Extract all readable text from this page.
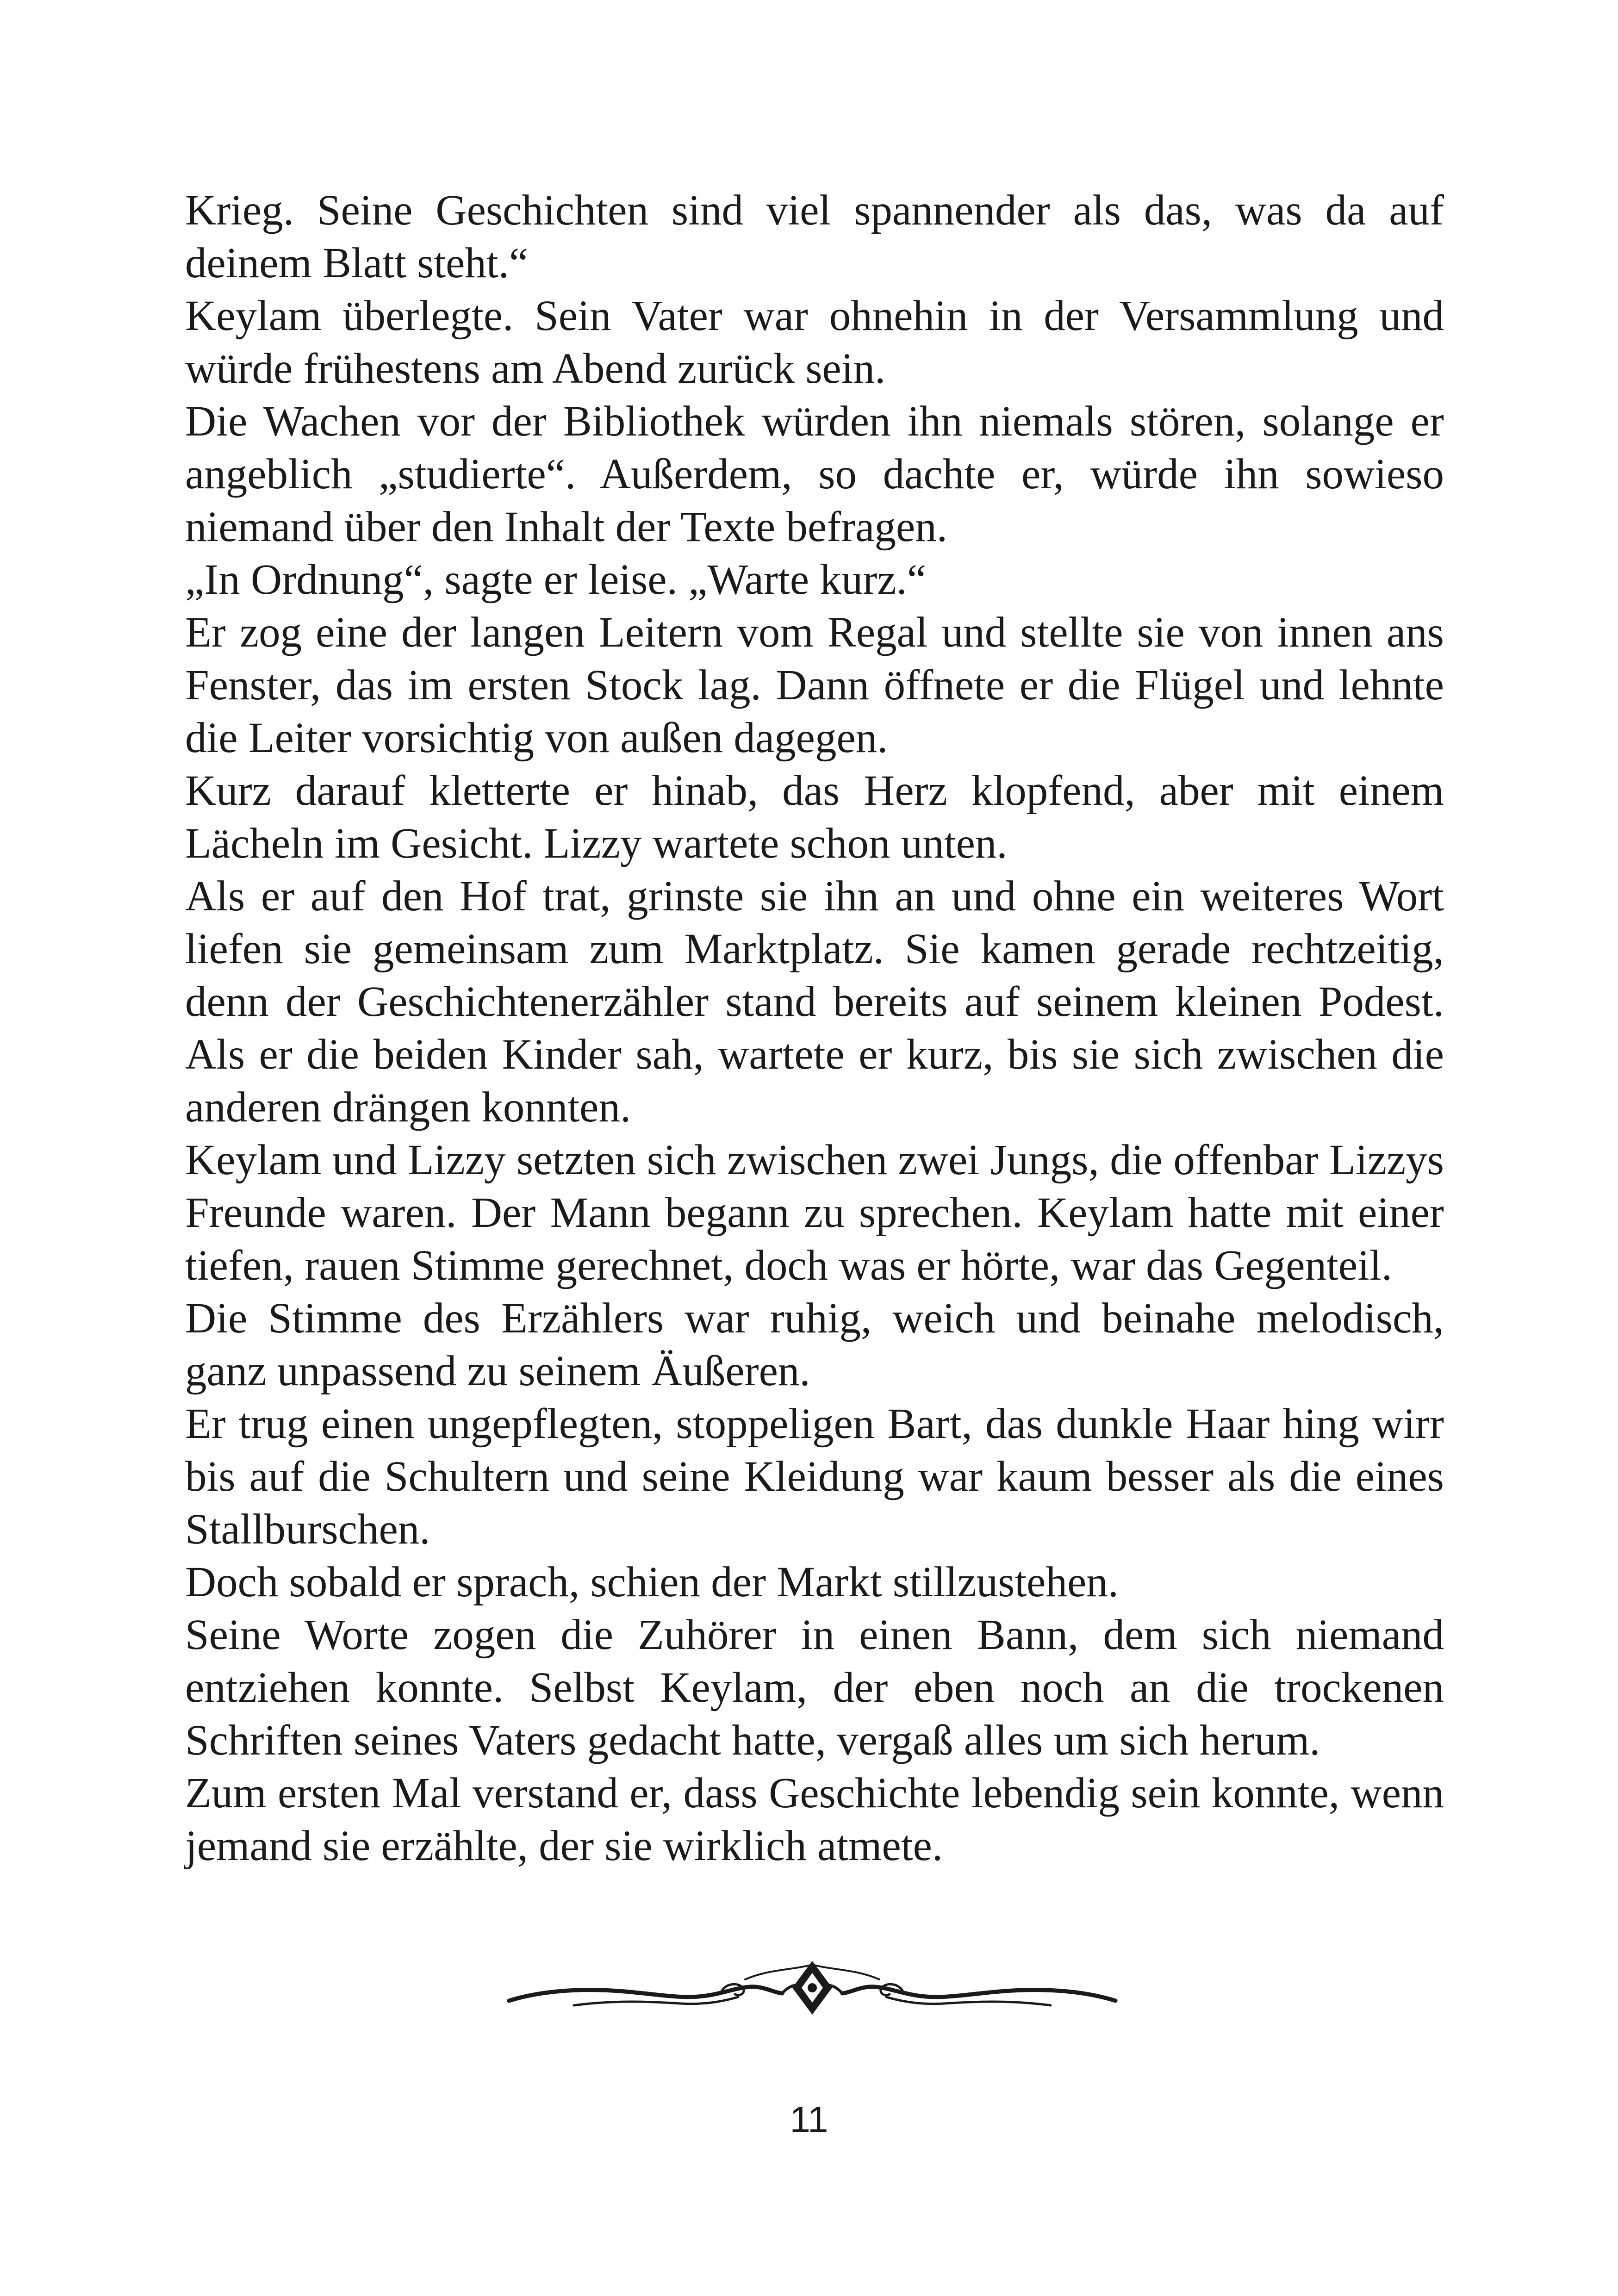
Krieg. Seine Geschichten sind viel spannender als das, was da auf deinem Blatt steht.“

Keylam überlegte. Sein Vater war ohnehin in der Versammlung und würde frühestens am Abend zurück sein.

Die Wachen vor der Bibliothek würden ihn niemals stören, solange er angeblich „studierte“. Außerdem, so dachte er, würde ihn sowieso niemand über den Inhalt der Texte befragen.

„In Ordnung“, sagte er leise. „Warte kurz.“

Er zog eine der langen Leitern vom Regal und stellte sie von innen ans Fenster, das im ersten Stock lag. Dann öffnete er die Flügel und lehnte die Leiter vorsichtig von außen dagegen.

Kurz darauf kletterte er hinab, das Herz klopfend, aber mit einem Lächeln im Gesicht. Lizzy wartete schon unten.

Als er auf den Hof trat, grinste sie ihn an und ohne ein weiteres Wort liefen sie gemeinsam zum Marktplatz. Sie kamen gerade rechtzeitig, denn der Geschichtenerzähler stand bereits auf seinem kleinen Podest. Als er die beiden Kinder sah, wartete er kurz, bis sie sich zwischen die anderen drängen konnten.

Keylam und Lizzy setzten sich zwischen zwei Jungs, die offenbar Lizzys Freunde waren. Der Mann begann zu sprechen. Keylam hatte mit einer tiefen, rauen Stimme gerechnet, doch was er hörte, war das Gegenteil.

Die Stimme des Erzählers war ruhig, weich und beinahe melodisch, ganz unpassend zu seinem Äußeren.

Er trug einen ungepflegten, stoppeligen Bart, das dunkle Haar hing wirr bis auf die Schultern und seine Kleidung war kaum besser als die eines Stallburschen.

Doch sobald er sprach, schien der Markt stillzustehen.

Seine Worte zogen die Zuhörer in einen Bann, dem sich niemand entziehen konnte. Selbst Keylam, der eben noch an die trockenen Schriften seines Vaters gedacht hatte, vergaß alles um sich herum.

Zum ersten Mal verstand er, dass Geschichte lebendig sein konnte, wenn jemand sie erzählte, der sie wirklich atmete.

11
